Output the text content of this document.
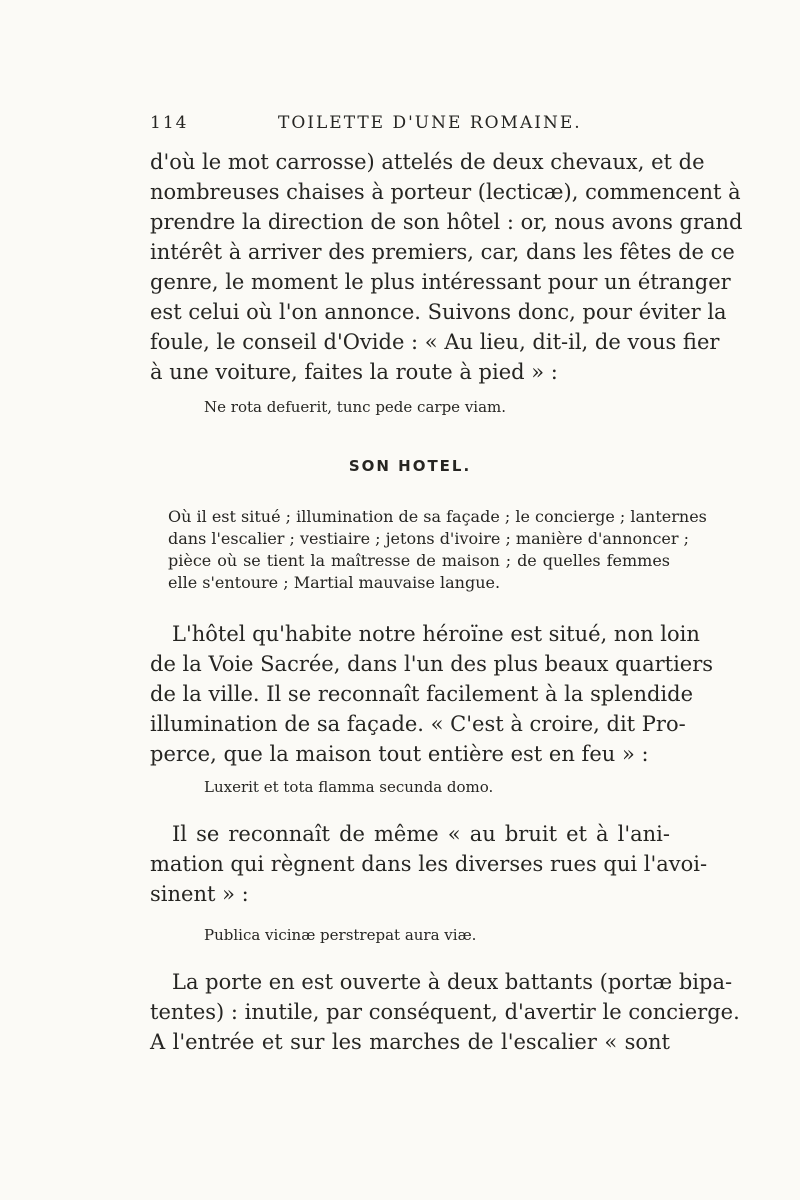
114	TOILETTE D'UNE ROMAINE.
d'où le mot carrosse) attelés de deux chevaux, et de
nombreuses chaises à porteur (lecticæ), commencent à
prendre la direction de son hôtel : or, nous avons grand
intérêt à arriver des premiers, car, dans les fêtes de ce
genre, le moment le plus intéressant pour un étranger
est celui où l'on annonce. Suivons donc, pour éviter la
foule, le conseil d'Ovide : « Au lieu, dit-il, de vous fier
à une voiture, faites la route à pied » :
Ne rota defuerit, tunc pede carpe viam.
SON HOTEL.
Où il est situé ; illumination de sa façade ; le concierge ; lanternes
dans l'escalier ; vestiaire ; jetons d'ivoire ; manière d'annoncer ;
pièce où se tient la maîtresse de maison ; de quelles femmes
elle s'entoure ; Martial mauvaise langue.
L'hôtel qu'habite notre héroïne est situé, non loin
de la Voie Sacrée, dans l'un des plus beaux quartiers
de la ville. Il se reconnaît facilement à la splendide
illumination de sa façade. « C'est à croire, dit Pro-
perce, que la maison tout entière est en feu » :
Luxerit et tota flamma secunda domo.
Il se reconnaît de même « au bruit et à l'ani-
mation qui règnent dans les diverses rues qui l'avoi-
sinent » :
Publica vicinæ perstrepat aura viæ.
La porte en est ouverte à deux battants (portæ bipa-
tentes) : inutile, par conséquent, d'avertir le concierge.
A l'entrée et sur les marches de l'escalier « sont
